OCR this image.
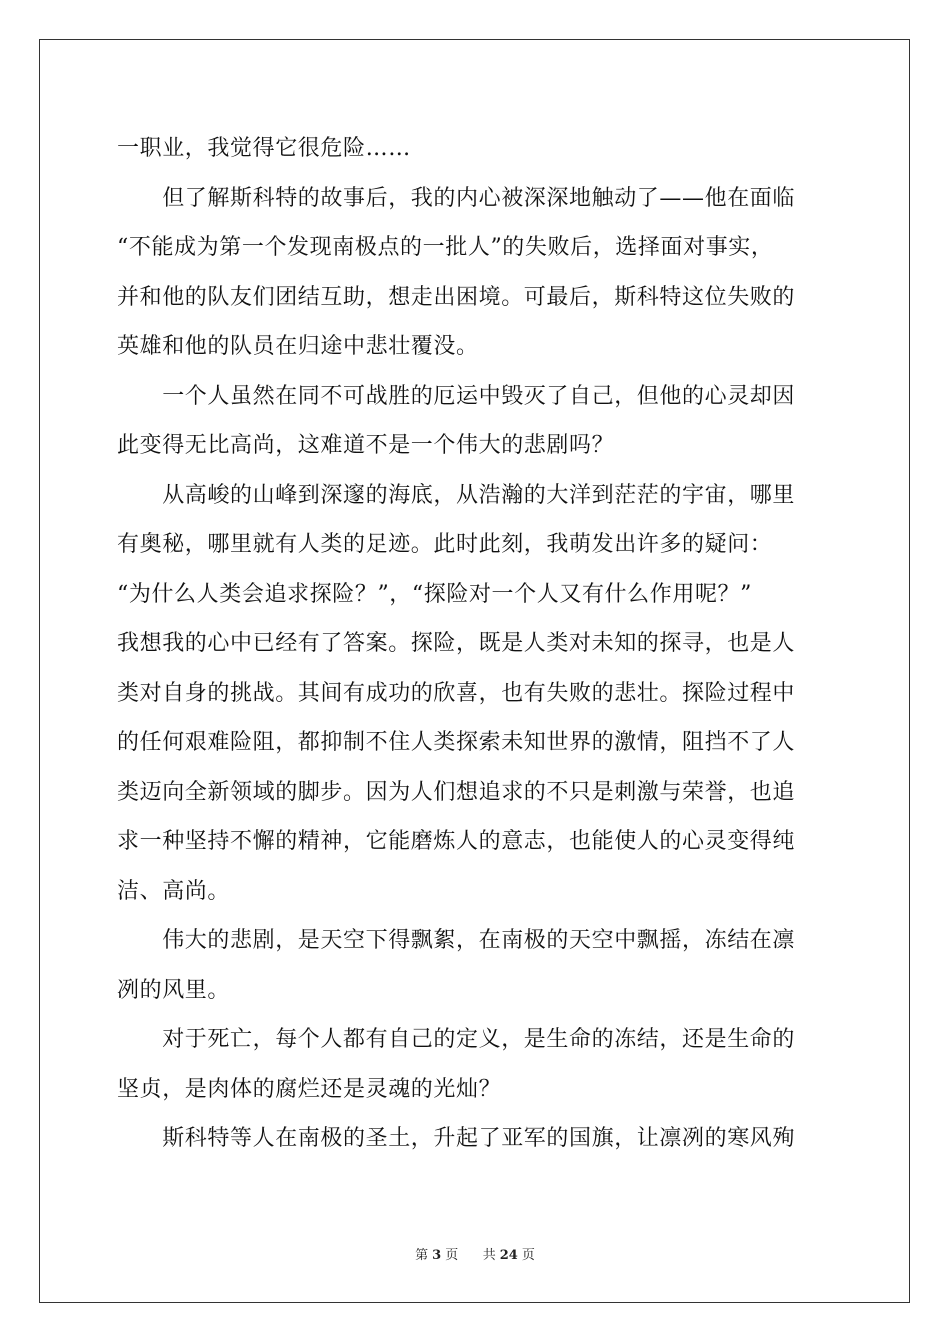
一职业，我觉得它很危险……
　　但了解斯科特的故事后，我的内心被深深地触动了——他在面临
“不能成为第一个发现南极点的一批人”的失败后，选择面对事实，
并和他的队友们团结互助，想走出困境。可最后，斯科特这位失败的
英雄和他的队员在归途中悲壮覆没。
　　一个人虽然在同不可战胜的厄运中毁灭了自己，但他的心灵却因
此变得无比高尚，这难道不是一个伟大的悲剧吗？
　　从高峻的山峰到深邃的海底，从浩瀚的大洋到茫茫的宇宙，哪里
有奥秘，哪里就有人类的足迹。此时此刻，我萌发出许多的疑问：
“为什么人类会追求探险？”，“探险对一个人又有什么作用呢？”
我想我的心中已经有了答案。探险，既是人类对未知的探寻，也是人
类对自身的挑战。其间有成功的欣喜，也有失败的悲壮。探险过程中
的任何艰难险阻，都抑制不住人类探索未知世界的激情，阻挡不了人
类迈向全新领域的脚步。因为人们想追求的不只是刺激与荣誉，也追
求一种坚持不懈的精神，它能磨炼人的意志，也能使人的心灵变得纯
洁、高尚。
　　伟大的悲剧，是天空下得飘絮，在南极的天空中飘摇，冻结在凛
冽的风里。
　　对于死亡，每个人都有自己的定义，是生命的冻结，还是生命的
坚贞，是肉体的腐烂还是灵魂的光灿？
　　斯科特等人在南极的圣土，升起了亚军的国旗，让凛冽的寒风殉
第 3 页 共 24 页
